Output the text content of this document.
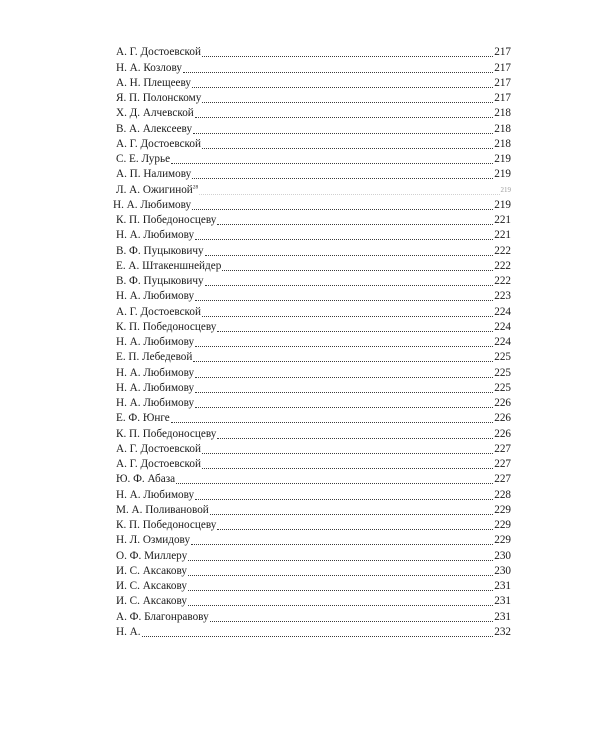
А. Г. Достоевской	217
Н. А. Козлову	217
А. Н. Плещееву	217
Я. П. Полонскому	217
Х. Д. Алчевской	218
В. А. Алексееву	218
А. Г. Достоевской	218
С. Е. Лурье	219
А. П. Налимову	219
Л. А. Ожигиной$^{28}$	219
Н. А. Любимову	219
К. П. Победоносцеву	221
Н. А. Любимову	221
В. Ф. Пуцыковичу	222
Е. А. Штакеншнейдер	222
В. Ф. Пуцыковичу	222
Н. А. Любимову	223
А. Г. Достоевской	224
К. П. Победоносцеву	224
Н. А. Любимову	224
Е. П. Лебедевой	225
Н. А. Любимову	225
Н. А. Любимову	225
Н. А. Любимову	226
Е. Ф. Юнге	226
К. П. Победоносцеву	226
А. Г. Достоевской	227
А. Г. Достоевской	227
Ю. Ф. Абаза	227
Н. А. Любимову	228
М. А. Поливановой	229
К. П. Победоносцеву	229
Н. Л. Озмидову	229
О. Ф. Миллеру	230
И. С. Аксакову	230
И. С. Аксакову	231
И. С. Аксакову	231
А. Ф. Благонравову	231
Н. А.	232
